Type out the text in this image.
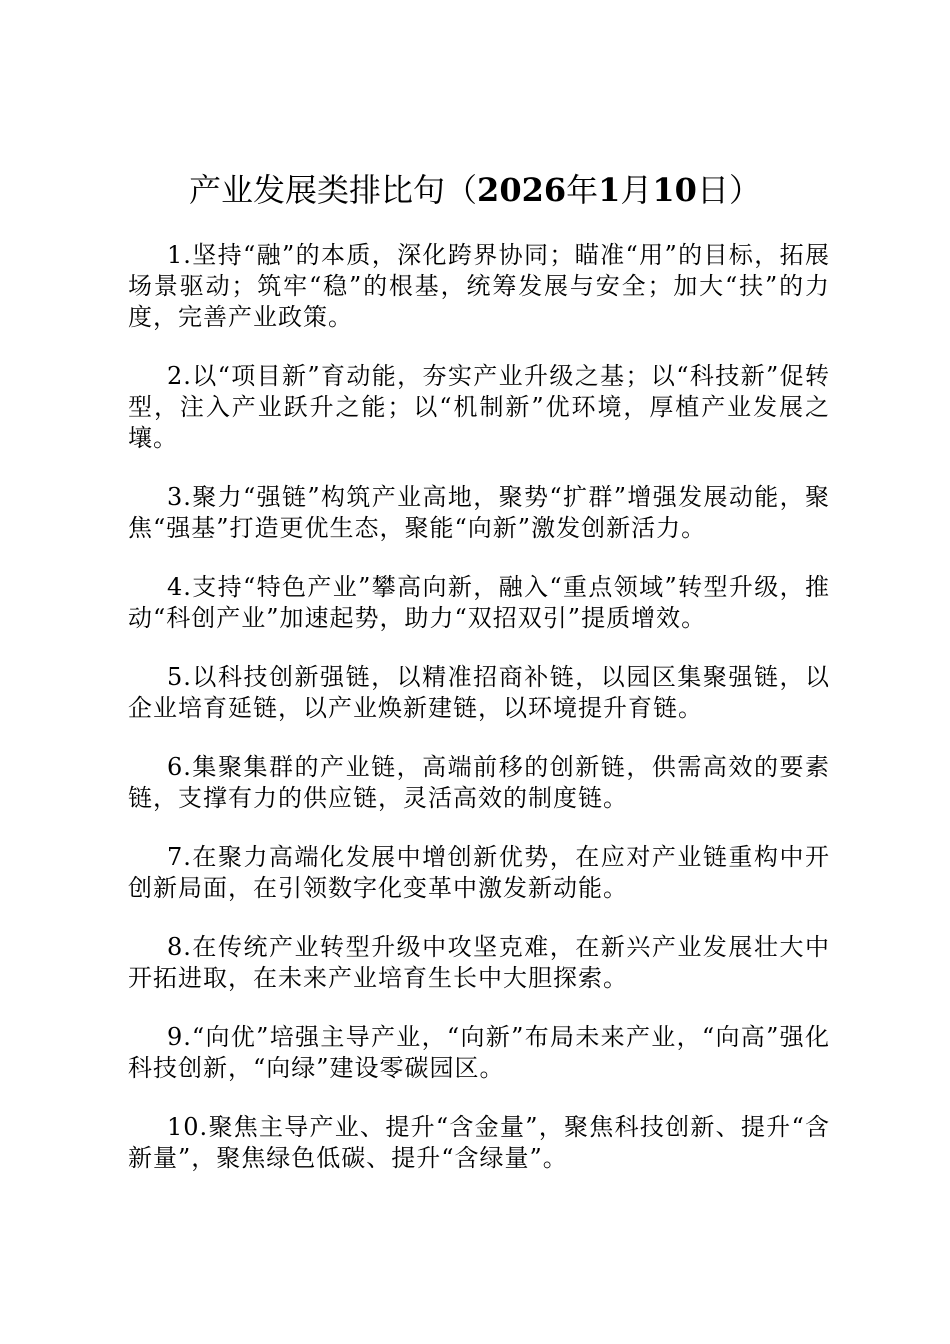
产业发展类排比句（2026年1月10日）

1.坚持“融”的本质，深化跨界协同；瞄准“用”的目标，拓展场景驱动；筑牢“稳”的根基，统筹发展与安全；加大“扶”的力度，完善产业政策。

2.以“项目新”育动能，夯实产业升级之基；以“科技新”促转型，注入产业跃升之能；以“机制新”优环境，厚植产业发展之壤。

3.聚力“强链”构筑产业高地，聚势“扩群”增强发展动能，聚焦“强基”打造更优生态，聚能“向新”激发创新活力。

4.支持“特色产业”攀高向新，融入“重点领域”转型升级，推动“科创产业”加速起势，助力“双招双引”提质增效。

5.以科技创新强链，以精准招商补链，以园区集聚强链，以企业培育延链，以产业焕新建链，以环境提升育链。

6.集聚集群的产业链，高端前移的创新链，供需高效的要素链，支撑有力的供应链，灵活高效的制度链。

7.在聚力高端化发展中增创新优势，在应对产业链重构中开创新局面，在引领数字化变革中激发新动能。

8.在传统产业转型升级中攻坚克难，在新兴产业发展壮大中开拓进取，在未来产业培育生长中大胆探索。

9.“向优”培强主导产业，“向新”布局未来产业，“向高”强化科技创新，“向绿”建设零碳园区。

10.聚焦主导产业、提升“含金量”，聚焦科技创新、提升“含新量”，聚焦绿色低碳、提升“含绿量”。
